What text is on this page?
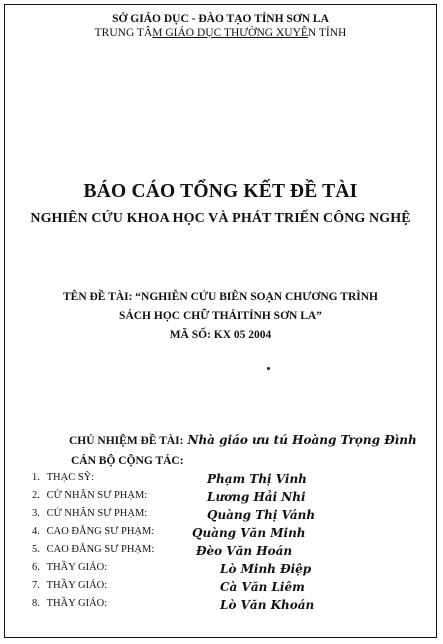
SỞ GIÁO DỤC - ĐÀO TẠO TỈNH SƠN LA
TRUNG TÂM GIÁO DỤC THƯỜNG XUYÊN TỈNH
BÁO CÁO TỔNG KẾT ĐỀ TÀI
NGHIÊN CỨU KHOA HỌC VÀ PHÁT TRIỂN CÔNG NGHỆ
TÊN ĐỀ TÀI: “NGHIÊN CỨU BIÊN SOẠN CHƯƠNG TRÌNH
SÁCH HỌC CHỮ THÁITỈNH SƠN LA”
MÃ SỐ: KX 05 2004
CHỦ NHIỆM ĐỀ TÀI: Nhà giáo ưu tú Hoàng Trọng Đình
CÁN BỘ CỘNG TÁC:
1. THẠC SỸ:	Phạm Thị Vinh
2. CỬ NHÂN SƯ PHẠM:	Lương Hải Nhi
3. CỬ NHÂN SƯ PHẠM:	Quàng Thị Vánh
4. CAO ĐẲNG SƯ PHẠM:	Quàng Văn Minh
5. CAO ĐẲNG SƯ PHẠM:	Đèo Văn Hoán
6. THẦY GIÁO:	Lò Minh Điệp
7. THẦY GIÁO:	Cà Văn Liêm
8. THẦY GIÁO:	Lò Văn Khoán
